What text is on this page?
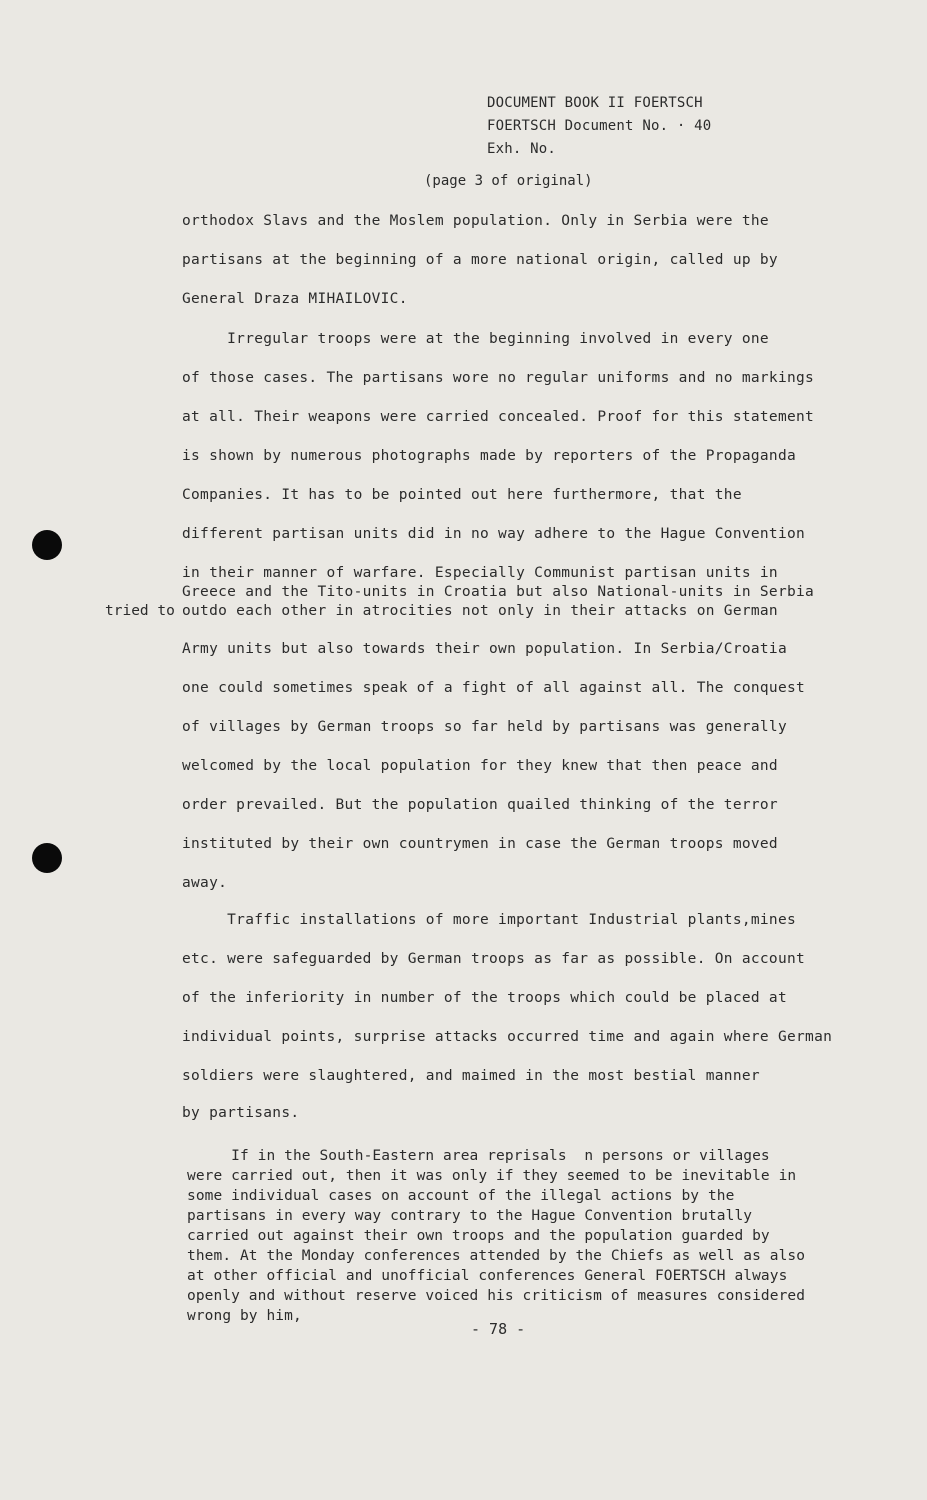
DOCUMENT BOOK II FOERTSCH
FOERTSCH Document No. · 40
Exh. No.
(page 3 of original)
orthodox Slavs and the Moslem population. Only in Serbia were the
partisans at the beginning of a more national origin, called up by
General Draza MIHAILOVIC.
Irregular troops were at the beginning involved in every one
of those cases. The partisans wore no regular uniforms and no markings
at all. Their weapons were carried concealed. Proof for this statement
is shown by numerous photographs made by reporters of the Propaganda
Companies. It has to be pointed out here furthermore, that the
different partisan units did in no way adhere to the Hague Convention
in their manner of warfare. Especially Communist partisan units in
Greece and the Tito-units in Croatia but also National-units in Serbia
tried to outdo each other in atrocities not only in their attacks on German
Army units but also towards their own population. In Serbia/Croatia
one could sometimes speak of a fight of all against all. The conquest
of villages by German troops so far held by partisans was generally
welcomed by the local population for they knew that then peace and
order prevailed. But the population quailed thinking of the terror
instituted by their own countrymen in case the German troops moved
away.
Traffic installations of more important Industrial plants,mines
etc. were safeguarded by German troops as far as possible. On account
of the inferiority in number of the troops which could be placed at
individual points, surprise attacks occurred time and again where German
soldiers were slaughtered, and maimed in the most bestial manner
by partisans.
If in the South-Eastern area reprisals  n persons or villages
were carried out, then it was only if they seemed to be inevitable in
some individual cases on account of the illegal actions by the
partisans in every way contrary to the Hague Convention brutally
carried out against their own troops and the population guarded by
them. At the Monday conferences attended by the Chiefs as well as also
at other official and unofficial conferences General FOERTSCH always
openly and without reserve voiced his criticism of measures considered
wrong by him,
- 78 -
